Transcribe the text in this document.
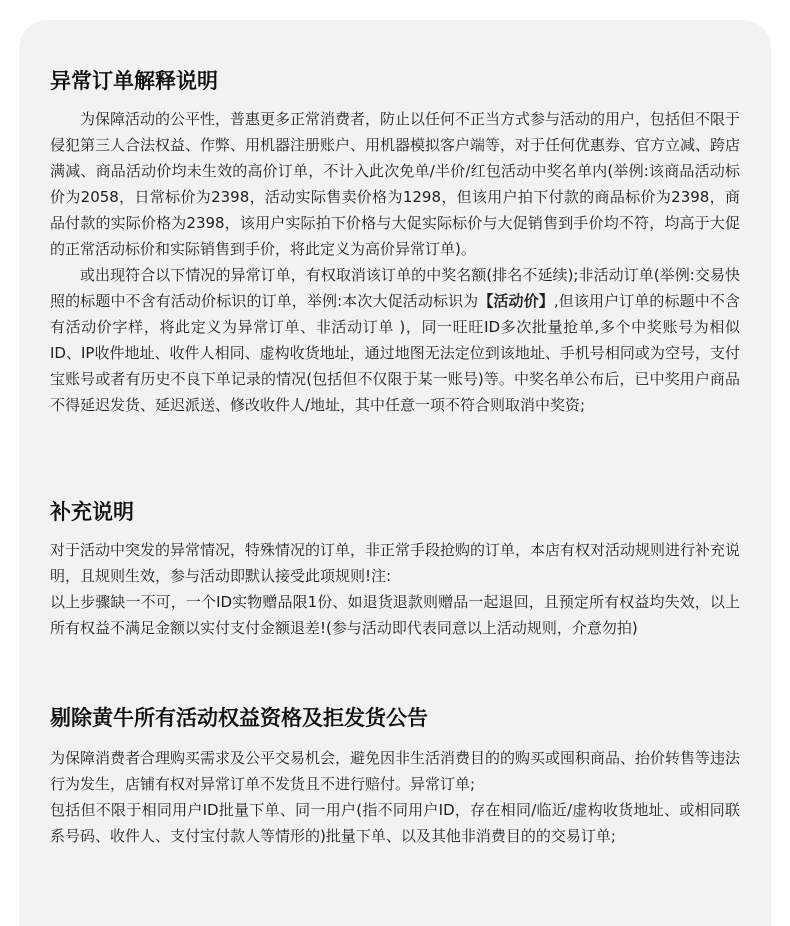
异常订单解释说明

为保障活动的公平性，普惠更多正常消费者，防止以任何不正当方式参与活动的用户，包括但不限于侵犯第三人合法权益、作弊、用机器注册账户、用机器模拟客户端等，对于任何优惠券、官方立减、跨店满减、商品活动价均未生效的高价订单，不计入此次免单/半价/红包活动中奖名单内(举例:该商品活动标价为2058，日常标价为2398，活动实际售卖价格为1298，但该用户拍下付款的商品标价为2398，商品付款的实际价格为2398，该用户实际拍下价格与大促实际标价与大促销售到手价均不符，均高于大促的正常活动标价和实际销售到手价，将此定义为高价异常订单)。

或出现符合以下情况的异常订单，有权取消该订单的中奖名额(排名不延续);非活动订单(举例:交易快照的标题中不含有活动价标识的订单，举例:本次大促活动标识为【活动价】,但该用户订单的标题中不含有活动价字样，将此定义为异常订单、非活动订单 )，同一旺旺ID多次批量抢单,多个中奖账号为相似ID、IP收件地址、收件人相同、虚构收货地址，通过地图无法定位到该地址、手机号相同或为空号，支付宝账号或者有历史不良下单记录的情况(包括但不仅限于某一账号)等。中奖名单公布后，已中奖用户商品不得延迟发货、延迟派送、修改收件人/地址，其中任意一项不符合则取消中奖资;

补充说明

对于活动中突发的异常情况，特殊情况的订单，非正常手段抢购的订单，本店有权对活动规则进行补充说明，且规则生效，参与活动即默认接受此项规则!注:

以上步骤缺一不可，一个ID实物赠品限1份、如退货退款则赠品一起退回，且预定所有权益均失效，以上所有权益不满足金额以实付支付金额退差!(参与活动即代表同意以上活动规则，介意勿拍)

剔除黄牛所有活动权益资格及拒发货公告

为保障消费者合理购买需求及公平交易机会，避免因非生活消费目的的购买或囤积商品、抬价转售等违法行为发生，店铺有权对异常订单不发货且不进行赔付。异常订单;

包括但不限于相同用户ID批量下单、同一用户(指不同用户ID，存在相同/临近/虚构收货地址、或相同联系号码、收件人、支付宝付款人等情形的)批量下单、以及其他非消费目的的交易订单;
